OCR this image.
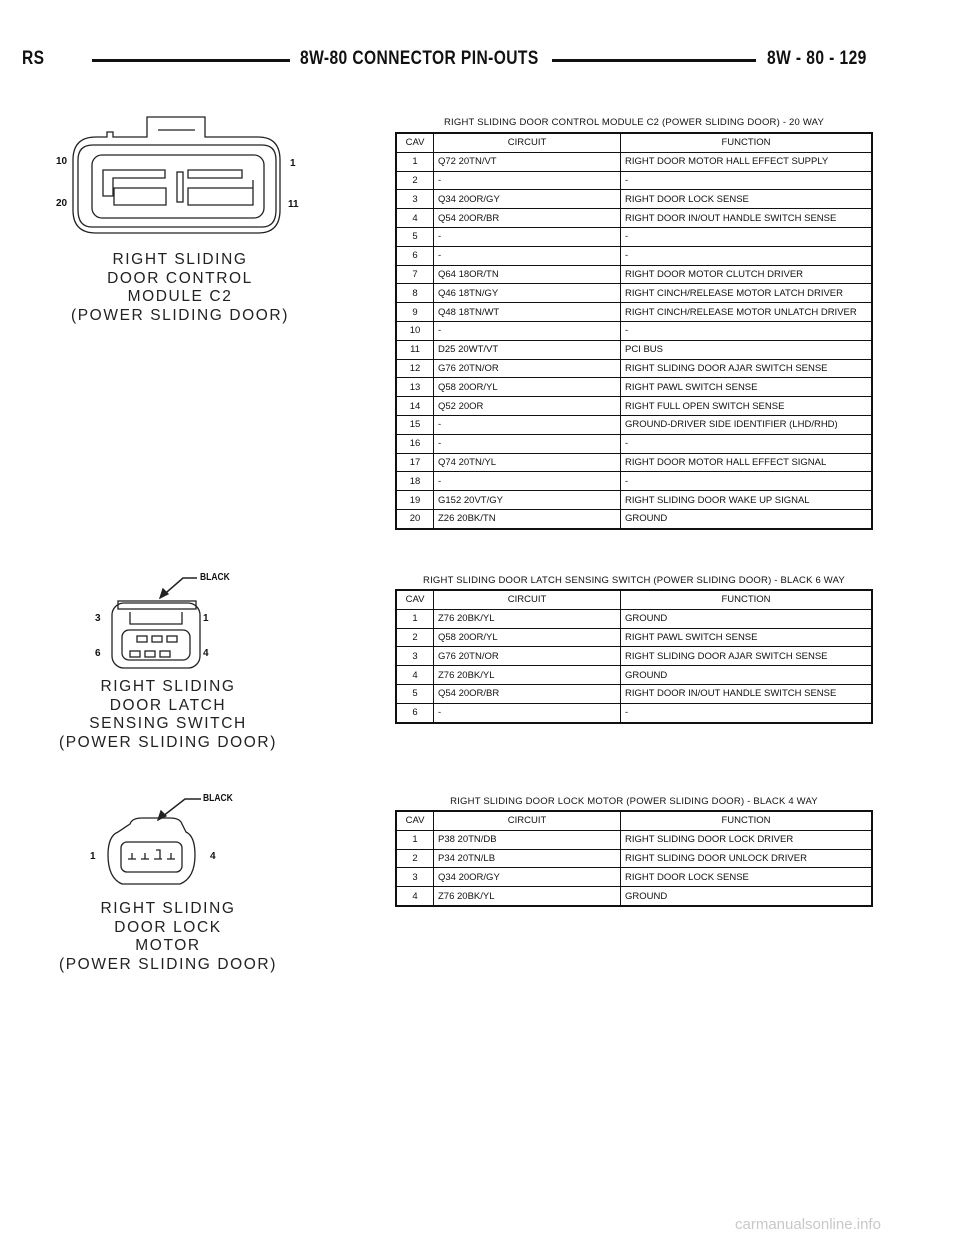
RS	8W-80 CONNECTOR PIN-OUTS	8W - 80 - 129
10	1
20	11
RIGHT SLIDING
DOOR CONTROL
MODULE C2
(POWER SLIDING DOOR)
BLACK
3	1
6	4
RIGHT SLIDING
DOOR LATCH
SENSING SWITCH
(POWER SLIDING DOOR)
BLACK
1	4
RIGHT SLIDING
DOOR LOCK
MOTOR
(POWER SLIDING DOOR)
RIGHT SLIDING DOOR CONTROL MODULE C2 (POWER SLIDING DOOR) - 20 WAY
CAV	CIRCUIT	FUNCTION
1	Q72 20TN/VT	RIGHT DOOR MOTOR HALL EFFECT SUPPLY
2	-	-
3	Q34 20OR/GY	RIGHT DOOR LOCK SENSE
4	Q54 20OR/BR	RIGHT DOOR IN/OUT HANDLE SWITCH SENSE
5	-	-
6	-	-
7	Q64 18OR/TN	RIGHT DOOR MOTOR CLUTCH DRIVER
8	Q46 18TN/GY	RIGHT CINCH/RELEASE MOTOR LATCH DRIVER
9	Q48 18TN/WT	RIGHT CINCH/RELEASE MOTOR UNLATCH DRIVER
10	-	-
11	D25 20WT/VT	PCI BUS
12	G76 20TN/OR	RIGHT SLIDING DOOR AJAR SWITCH SENSE
13	Q58 20OR/YL	RIGHT PAWL SWITCH SENSE
14	Q52 20OR	RIGHT FULL OPEN SWITCH SENSE
15	-	GROUND-DRIVER SIDE IDENTIFIER (LHD/RHD)
16	-	-
17	Q74 20TN/YL	RIGHT DOOR MOTOR HALL EFFECT SIGNAL
18	-	-
19	G152 20VT/GY	RIGHT SLIDING DOOR WAKE UP SIGNAL
20	Z26 20BK/TN	GROUND
RIGHT SLIDING DOOR LATCH SENSING SWITCH (POWER SLIDING DOOR) - BLACK 6 WAY
CAV	CIRCUIT	FUNCTION
1	Z76 20BK/YL	GROUND
2	Q58 20OR/YL	RIGHT PAWL SWITCH SENSE
3	G76 20TN/OR	RIGHT SLIDING DOOR AJAR SWITCH SENSE
4	Z76 20BK/YL	GROUND
5	Q54 20OR/BR	RIGHT DOOR IN/OUT HANDLE SWITCH SENSE
6	-	-
RIGHT SLIDING DOOR LOCK MOTOR (POWER SLIDING DOOR) - BLACK 4 WAY
CAV	CIRCUIT	FUNCTION
1	P38 20TN/DB	RIGHT SLIDING DOOR LOCK DRIVER
2	P34 20TN/LB	RIGHT SLIDING DOOR UNLOCK DRIVER
3	Q34 20OR/GY	RIGHT DOOR LOCK SENSE
4	Z76 20BK/YL	GROUND
carmanualsonline.info
